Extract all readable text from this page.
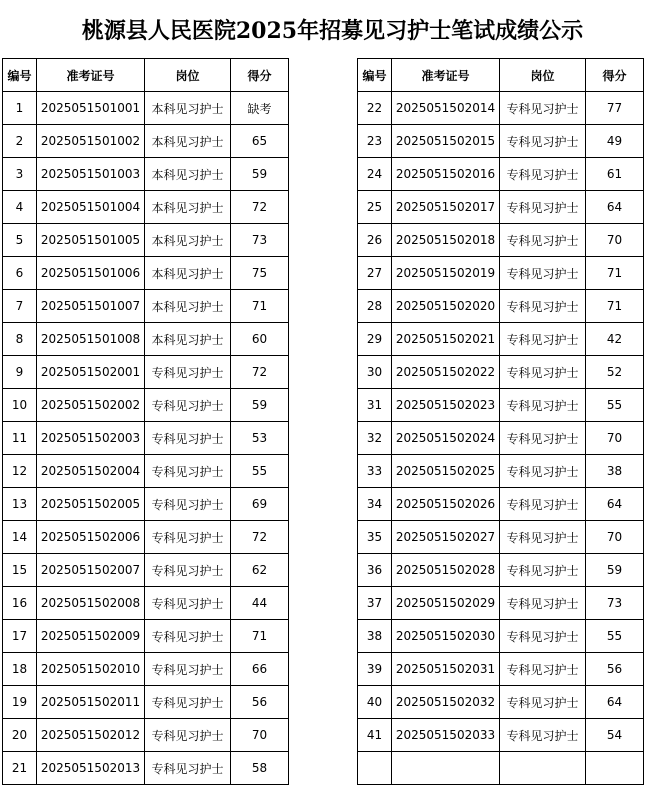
桃源县人民医院2025年招募见习护士笔试成绩公示
编号	准考证号	岗位	得分
1	2025051501001	本科见习护士	缺考
2	2025051501002	本科见习护士	65
3	2025051501003	本科见习护士	59
4	2025051501004	本科见习护士	72
5	2025051501005	本科见习护士	73
6	2025051501006	本科见习护士	75
7	2025051501007	本科见习护士	71
8	2025051501008	本科见习护士	60
9	2025051502001	专科见习护士	72
10	2025051502002	专科见习护士	59
11	2025051502003	专科见习护士	53
12	2025051502004	专科见习护士	55
13	2025051502005	专科见习护士	69
14	2025051502006	专科见习护士	72
15	2025051502007	专科见习护士	62
16	2025051502008	专科见习护士	44
17	2025051502009	专科见习护士	71
18	2025051502010	专科见习护士	66
19	2025051502011	专科见习护士	56
20	2025051502012	专科见习护士	70
21	2025051502013	专科见习护士	58
编号	准考证号	岗位	得分
22	2025051502014	专科见习护士	77
23	2025051502015	专科见习护士	49
24	2025051502016	专科见习护士	61
25	2025051502017	专科见习护士	64
26	2025051502018	专科见习护士	70
27	2025051502019	专科见习护士	71
28	2025051502020	专科见习护士	71
29	2025051502021	专科见习护士	42
30	2025051502022	专科见习护士	52
31	2025051502023	专科见习护士	55
32	2025051502024	专科见习护士	70
33	2025051502025	专科见习护士	38
34	2025051502026	专科见习护士	64
35	2025051502027	专科见习护士	70
36	2025051502028	专科见习护士	59
37	2025051502029	专科见习护士	73
38	2025051502030	专科见习护士	55
39	2025051502031	专科见习护士	56
40	2025051502032	专科见习护士	64
41	2025051502033	专科见习护士	54
